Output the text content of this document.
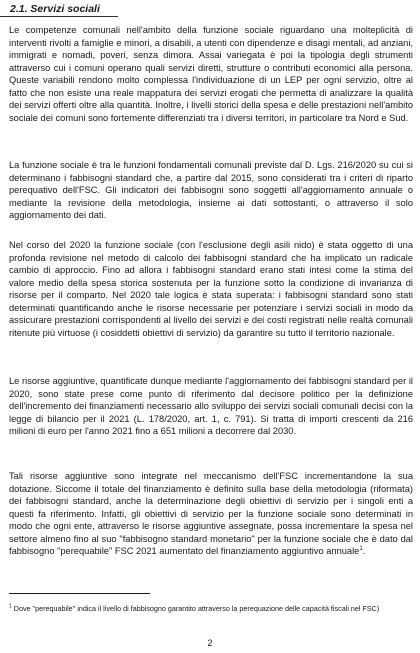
2.1. Servizi sociali

Le competenze comunali nell'ambito della funzione sociale riguardano una molteplicità di interventi rivolti a famiglie e minori, a disabili, a utenti con dipendenze e disagi mentali, ad anziani, immigrati e nomadi, poveri, senza dimora. Assai variegata è poi la tipologia degli strumenti attraverso cui i comuni operano quali servizi diretti, strutture o contributi economici alla persona. Queste variabili rendono molto complessa l'individuazione di un LEP per ogni servizio, oltre al fatto che non esiste una reale mappatura dei servizi erogati che permetta di analizzare la qualità dei servizi offerti oltre alla quantità. Inoltre, i livelli storici della spesa e delle prestazioni nell'ambito sociale dei comuni sono fortemente differenziati tra i diversi territori, in particolare tra Nord e Sud.

La funzione sociale è tra le funzioni fondamentali comunali previste dal D. Lgs. 216/2020 su cui si determinano i fabbisogni standard che, a partire dal 2015, sono considerati tra i criteri di riparto perequativo dell'FSC. Gli indicatori dei fabbisogni sono soggetti all'aggiornamento annuale o mediante la revisione della metodologia, insieme ai dati sottostanti, o attraverso il solo aggiornamento dei dati.

Nel corso del 2020 la funzione sociale (con l'esclusione degli asili nido) è stata oggetto di una profonda revisione nel metodo di calcolo dei fabbisogni standard che ha implicato un radicale cambio di approccio. Fino ad allora i fabbisogni standard erano stati intesi come la stima del valore medio della spesa storica sostenuta per la funzione sotto la condizione di invarianza di risorse per il comparto. Nel 2020 tale logica è stata superata: i fabbisogni standard sono stati determinati quantificando anche le risorse necessarie per potenziare i servizi sociali in modo da assicurare prestazioni corrispondenti al livello dei servizi e dei costi registrati nelle realtà comunali ritenute più virtuose (i cosiddetti obiettivi di servizio) da garantire su tutto il territorio nazionale.

Le risorse aggiuntive, quantificate dunque mediante l'aggiornamento dei fabbisogni standard per il 2020, sono state prese come punto di riferimento dal decisore politico per la definizione dell'incremento dei finanziamenti necessario allo sviluppo dei servizi sociali comunali decisi con la legge di bilancio per il 2021 (L. 178/2020, art. 1, c. 791). Si tratta di importi crescenti da 216 milioni di euro per l'anno 2021 fino a 651 milioni a decorrere dal 2030.

Tali risorse aggiuntive sono integrate nel meccanismo dell'FSC incrementandone la sua dotazione. Siccome il totale del finanziamento è definito sulla base della metodologia (riformata) dei fabbisogni standard, anche la determinazione degli obiettivi di servizio per i singoli enti a questi fa riferimento. Infatti, gli obiettivi di servizio per la funzione sociale sono determinati in modo che ogni ente, attraverso le risorse aggiuntive assegnate, possa incrementare la spesa nel settore almeno fino al suo "fabbisogno standard monetario" per la funzione sociale che è dato dal fabbisogno "perequabile" FSC 2021 aumentato del finanziamento aggiuntivo annuale$^1$.

$^1$ Dove "perequabile" indica il livello di fabbisogno garantito attraverso la perequazione delle capacità fiscali nel FSC)

2
